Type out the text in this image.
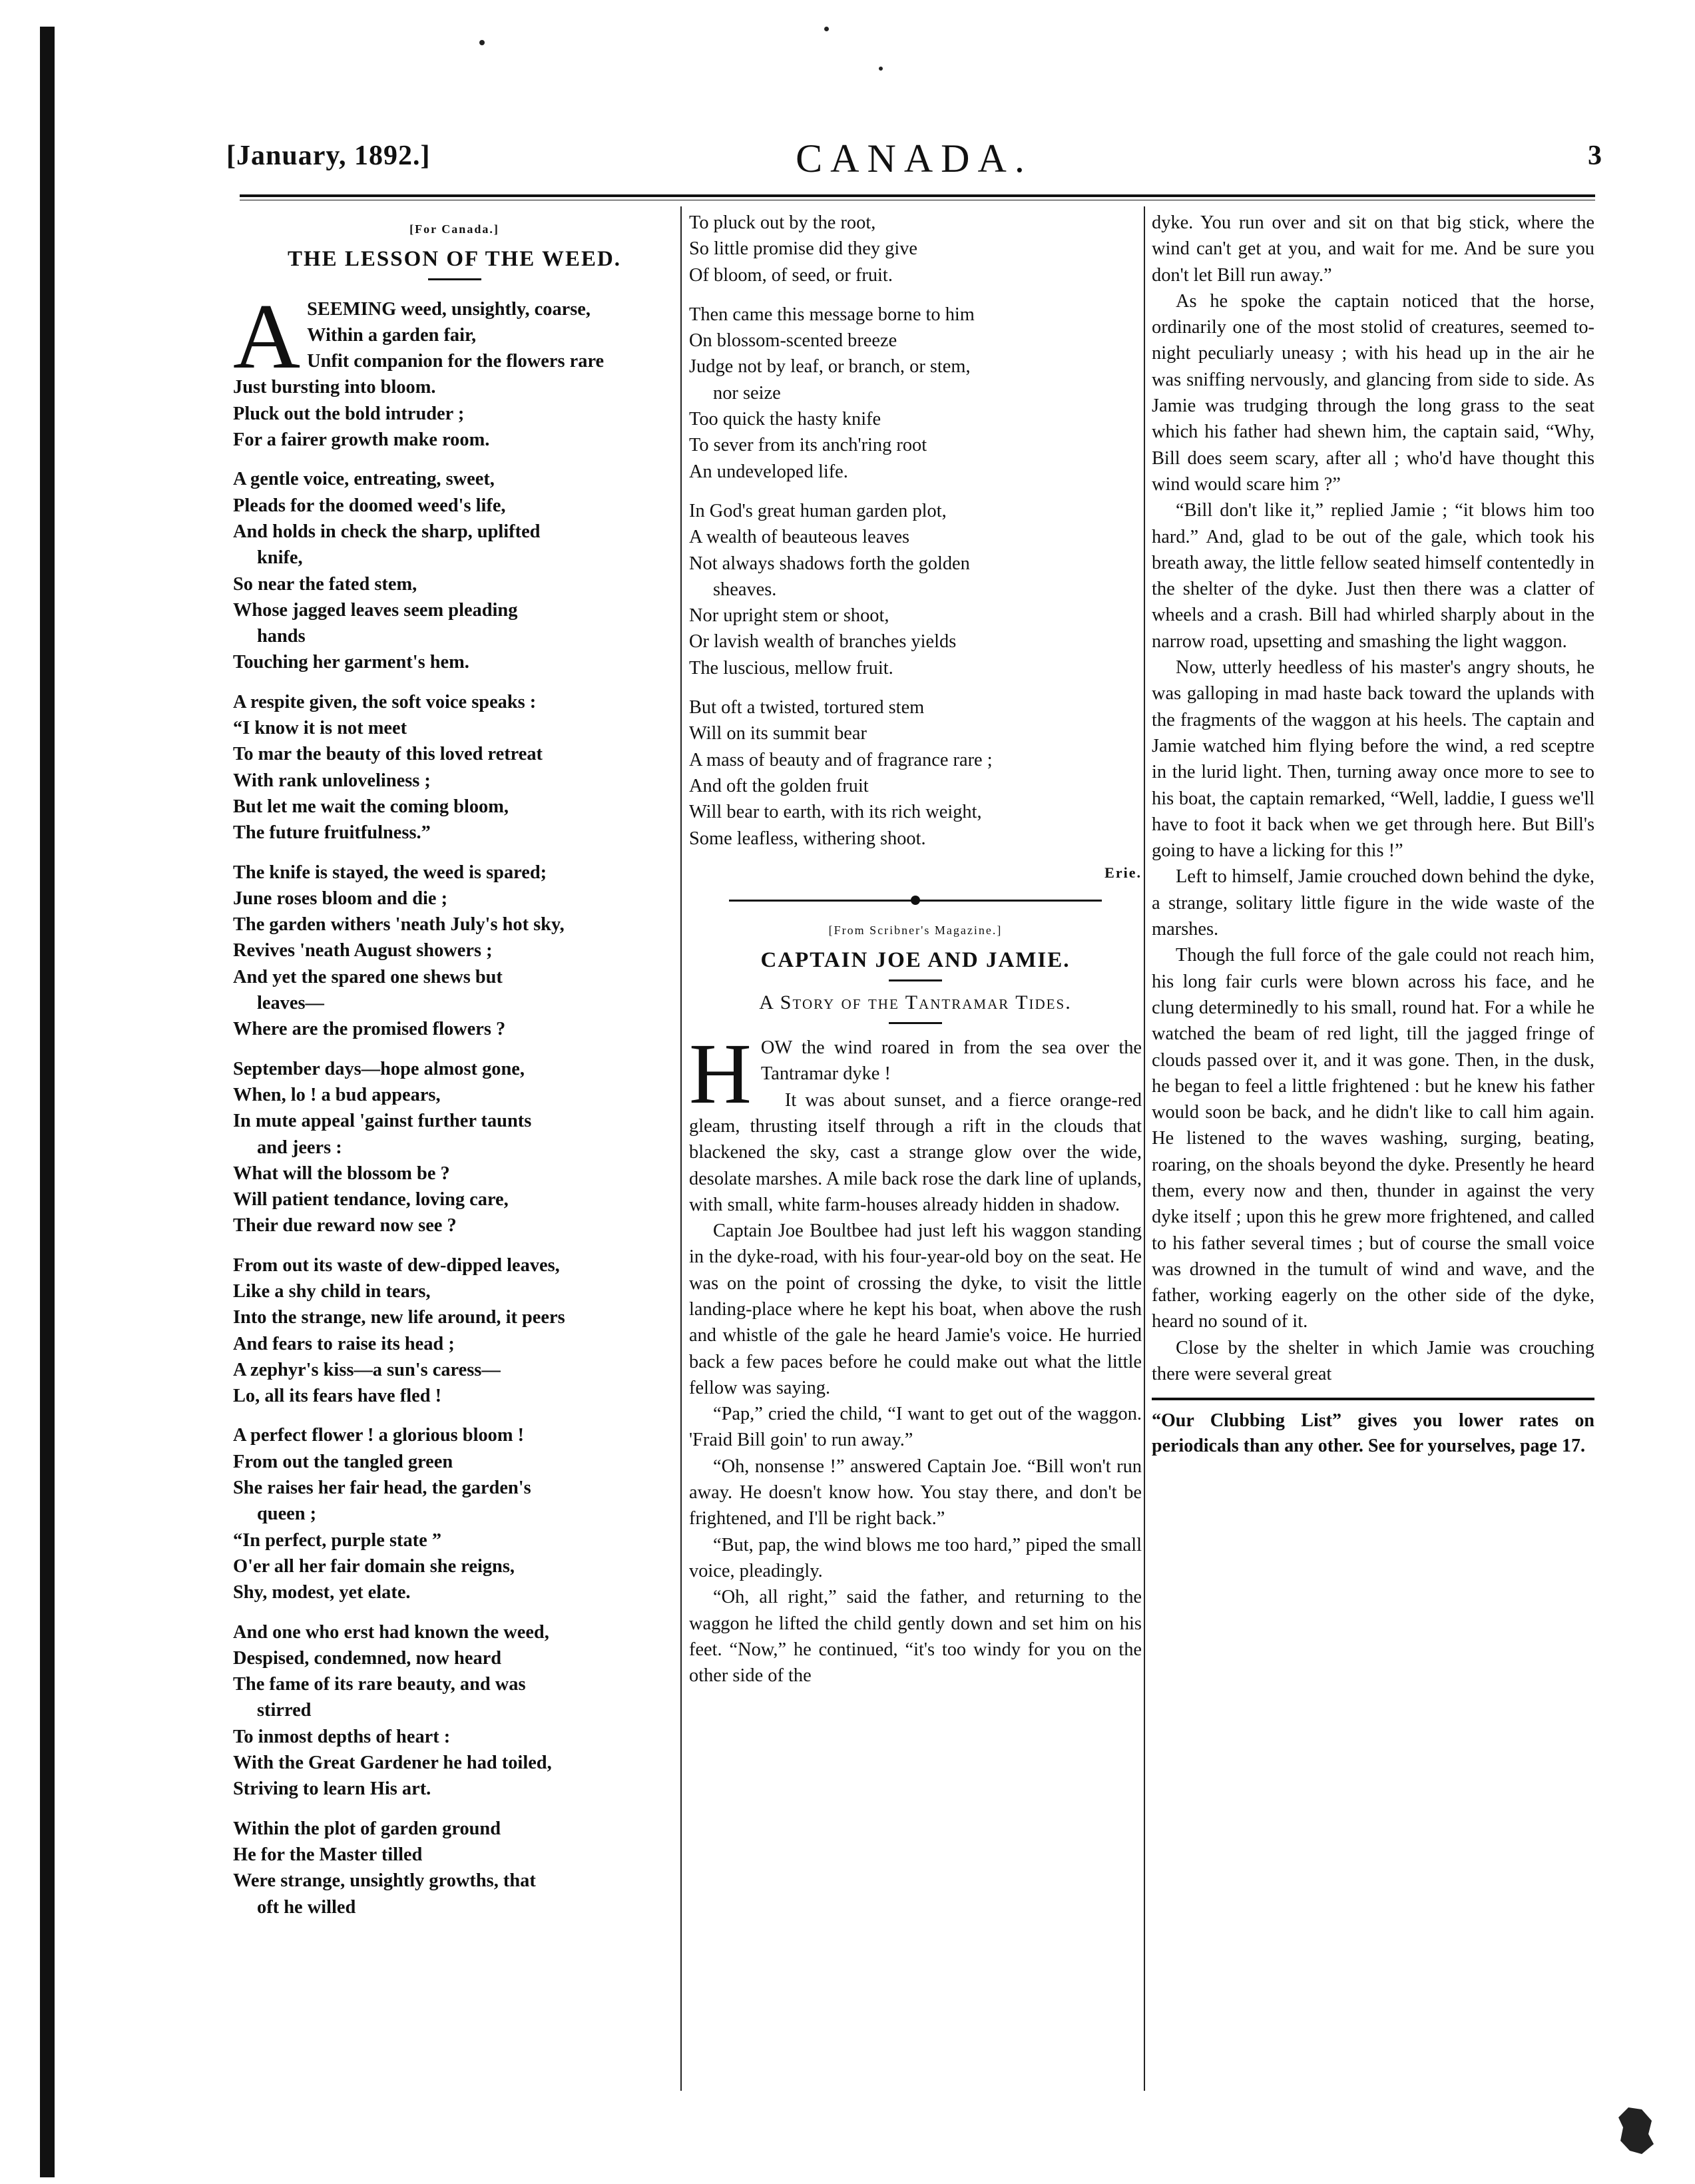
[January, 1892.]	CANADA.	3
[For Canada.]
THE LESSON OF THE WEED.
A SEEMING weed, unsightly, coarse,
Within a garden fair,
Unfit companion for the flowers rare
Just bursting into bloom.
Pluck out the bold intruder ;
For a fairer growth make room.
A gentle voice, entreating, sweet,
Pleads for the doomed weed's life,
And holds in check the sharp, uplifted
knife,
So near the fated stem,
Whose jagged leaves seem pleading
hands
Touching her garment's hem.
A respite given, the soft voice speaks :
“I know it is not meet
To mar the beauty of this loved retreat
With rank unloveliness ;
But let me wait the coming bloom,
The future fruitfulness.”
The knife is stayed, the weed is spared;
June roses bloom and die ;
The garden withers 'neath July's hot sky,
Revives 'neath August showers ;
And yet the spared one shews but
leaves—
Where are the promised flowers ?
September days—hope almost gone,
When, lo ! a bud appears,
In mute appeal 'gainst further taunts
and jeers :
What will the blossom be ?
Will patient tendance, loving care,
Their due reward now see ?
From out its waste of dew-dipped leaves,
Like a shy child in tears,
Into the strange, new life around, it peers
And fears to raise its head ;
A zephyr's kiss—a sun's caress—
Lo, all its fears have fled !
A perfect flower ! a glorious bloom !
From out the tangled green
She raises her fair head, the garden's
queen ;
“In perfect, purple state ”
O'er all her fair domain she reigns,
Shy, modest, yet elate.
And one who erst had known the weed,
Despised, condemned, now heard
The fame of its rare beauty, and was
stirred
To inmost depths of heart :
With the Great Gardener he had toiled,
Striving to learn His art.
Within the plot of garden ground
He for the Master tilled
Were strange, unsightly growths, that
oft he willed
To pluck out by the root,
So little promise did they give
Of bloom, of seed, or fruit.
Then came this message borne to him
On blossom-scented breeze
Judge not by leaf, or branch, or stem,
nor seize
Too quick the hasty knife
To sever from its anch'ring root
An undeveloped life.
In God's great human garden plot,
A wealth of beauteous leaves
Not always shadows forth the golden
sheaves.
Nor upright stem or shoot,
Or lavish wealth of branches yields
The luscious, mellow fruit.
But oft a twisted, tortured stem
Will on its summit bear
A mass of beauty and of fragrance rare ;
And oft the golden fruit
Will bear to earth, with its rich weight,
Some leafless, withering shoot.
Erie.
[From Scribner's Magazine.]
CAPTAIN JOE AND JAMIE.
A Story of the Tantramar Tides.
H OW the wind roared in from the sea over the Tantramar dyke !

It was about sunset, and a fierce orange-red gleam, thrusting itself through a rift in the clouds that blackened the sky, cast a strange glow over the wide, desolate marshes. A mile back rose the dark line of uplands, with small, white farm-houses already hidden in shadow.

Captain Joe Boultbee had just left his waggon standing in the dyke-road, with his four-year-old boy on the seat. He was on the point of crossing the dyke, to visit the little landing-place where he kept his boat, when above the rush and whistle of the gale he heard Jamie's voice. He hurried back a few paces before he could make out what the little fellow was saying.

“Pap,” cried the child, “I want to get out of the waggon. 'Fraid Bill goin' to run away.”

“Oh, nonsense !” answered Captain Joe. “Bill won't run away. He doesn't know how. You stay there, and don't be frightened, and I'll be right back.”

“But, pap, the wind blows me too hard,” piped the small voice, pleadingly.

“Oh, all right,” said the father, and returning to the waggon he lifted the child gently down and set him on his feet. “Now,” he continued, “it's too windy for you on the other side of the

dyke. You run over and sit on that big stick, where the wind can't get at you, and wait for me. And be sure you don't let Bill run away.”

As he spoke the captain noticed that the horse, ordinarily one of the most stolid of creatures, seemed to-night peculiarly uneasy ; with his head up in the air he was sniffing nervously, and glancing from side to side. As Jamie was trudging through the long grass to the seat which his father had shewn him, the captain said, “Why, Bill does seem scary, after all ; who'd have thought this wind would scare him ?”

“Bill don't like it,” replied Jamie ; “it blows him too hard.” And, glad to be out of the gale, which took his breath away, the little fellow seated himself contentedly in the shelter of the dyke. Just then there was a clatter of wheels and a crash. Bill had whirled sharply about in the narrow road, upsetting and smashing the light waggon.

Now, utterly heedless of his master's angry shouts, he was galloping in mad haste back toward the uplands with the fragments of the waggon at his heels. The captain and Jamie watched him flying before the wind, a red sceptre in the lurid light. Then, turning away once more to see to his boat, the captain remarked, “Well, laddie, I guess we'll have to foot it back when we get through here. But Bill's going to have a licking for this !”

Left to himself, Jamie crouched down behind the dyke, a strange, solitary little figure in the wide waste of the marshes.

Though the full force of the gale could not reach him, his long fair curls were blown across his face, and he clung determinedly to his small, round hat. For a while he watched the beam of red light, till the jagged fringe of clouds passed over it, and it was gone. Then, in the dusk, he began to feel a little frightened : but he knew his father would soon be back, and he didn't like to call him again. He listened to the waves washing, surging, beating, roaring, on the shoals beyond the dyke. Presently he heard them, every now and then, thunder in against the very dyke itself ; upon this he grew more frightened, and called to his father several times ; but of course the small voice was drowned in the tumult of wind and wave, and the father, working eagerly on the other side of the dyke, heard no sound of it.

Close by the shelter in which Jamie was crouching there were several great

“Our Clubbing List” gives you lower rates on periodicals than any other. See for yourselves, page 17.
